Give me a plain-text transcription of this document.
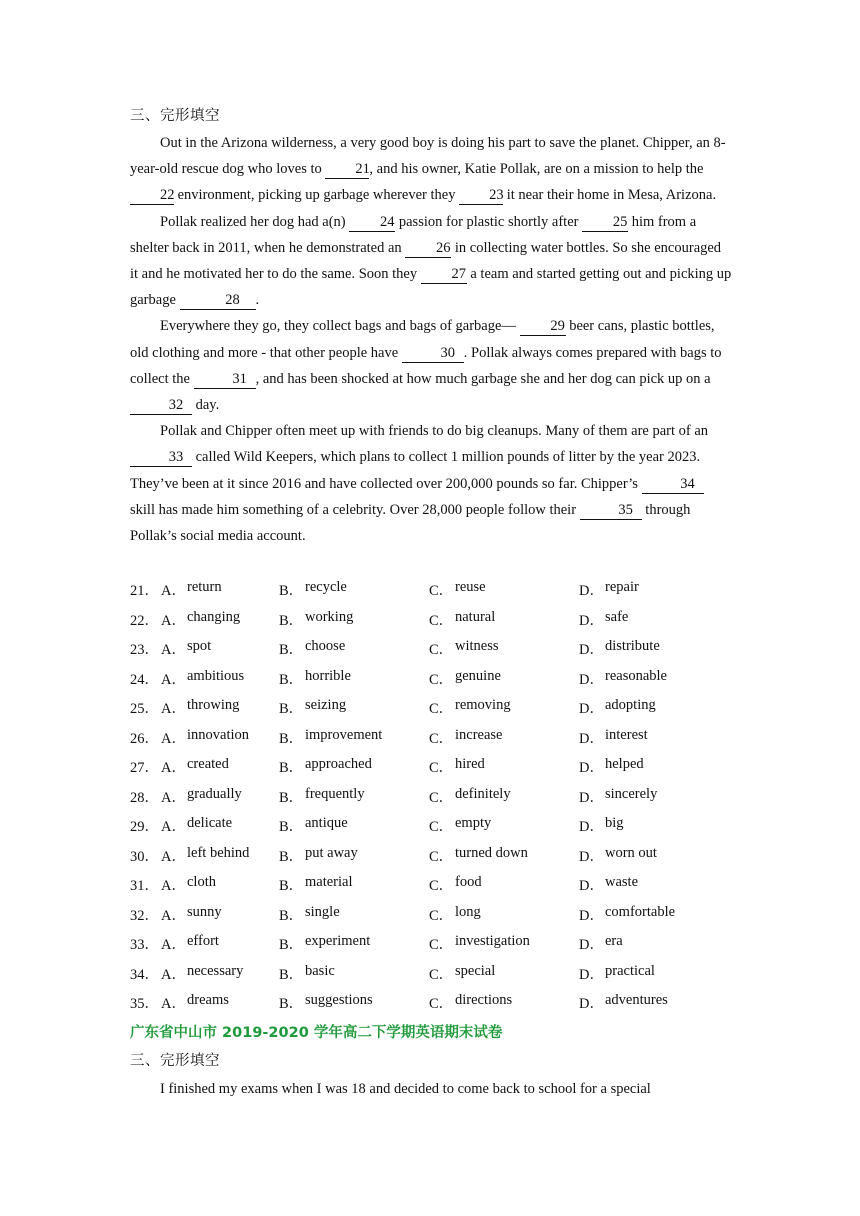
三、完形填空

Out in the Arizona wilderness, a very good boy is doing his part to save the planet. Chipper, an 8-year-old rescue dog who loves to 21, and his owner, Katie Pollak, are on a mission to help the 22 environment, picking up garbage wherever they 23 it near their home in Mesa, Arizona.

Pollak realized her dog had a(n) 24 passion for plastic shortly after 25 him from a shelter back in 2011, when he demonstrated an 26 in collecting water bottles. So she encouraged it and he motivated her to do the same. Soon they 27 a team and started getting out and picking up garbage	28 .

Everywhere they go, they collect bags and bags of garbage— 29 beer cans, plastic bottles, old clothing and more - that other people have	30 . Pollak always comes prepared with bags to collect the	31 , and has been shocked at how much garbage she and her dog can pick up on a 32 day.

Pollak and Chipper often meet up with friends to do big cleanups. Many of them are part of an 33 called Wild Keepers, which plans to collect 1 million pounds of litter by the year 2023. They’ve been at it since 2016 and have collected over 200,000 pounds so far. Chipper’s	34 skill has made him something of a celebrity. Over 28,000 people follow their	35 through Pollak’s social media account.

21． A． return	B． recycle	C． reuse	D． repair
22． A． changing	B． working	C． natural	D． safe
23． A． spot	B． choose	C． witness	D． distribute
24． A． ambitious B． horrible	C． genuine	D． reasonable
25． A． throwing	B． seizing	C． removing	D． adopting
26． A． innovation B． improvement	C． increase	D． interest
27． A． created	B． approached	C． hired	D． helped
28． A． gradually	B． frequently	C． definitely	D． sincerely
29． A． delicate	B． antique	C． empty	D． big
30． A． left behind B． put away	C． turned down	D． worn out
31． A． cloth	B． material	C． food	D． waste
32． A． sunny	B． single	C． long	D． comfortable
33． A． effort	B． experiment	C． investigation	D． era
34． A． necessary B． basic	C． special	D． practical
35． A． dreams	B． suggestions	C． directions	D． adventures
广东省中山市 2019-2020 学年高二下学期英语期末试卷
三、完形填空

I finished my exams when I was 18 and decided to come back to school for a special
